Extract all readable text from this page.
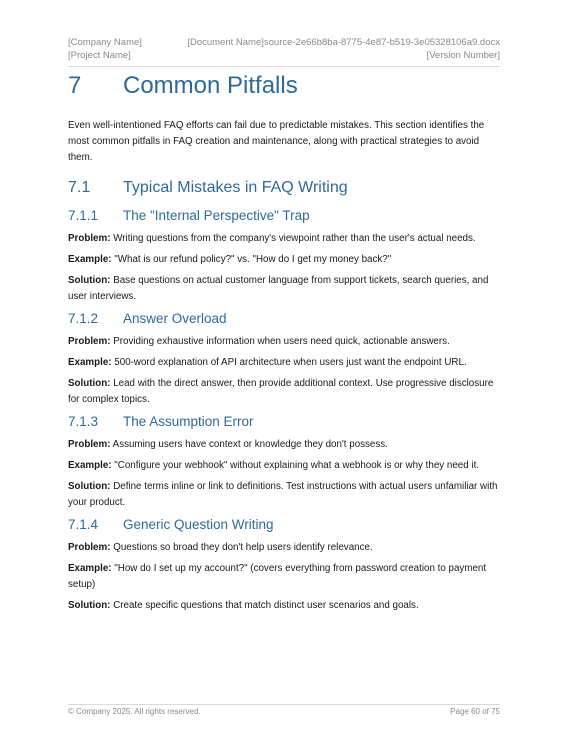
[Company Name]	[Document Name]source-2e66b8ba-8775-4e87-b519-3e05328106a9.docx
[Project Name]	[Version Number]
7	Common Pitfalls

Even well-intentioned FAQ efforts can fail due to predictable mistakes. This section identifies the most common pitfalls in FAQ creation and maintenance, along with practical strategies to avoid them.

7.1	Typical Mistakes in FAQ Writing
7.1.1	The "Internal Perspective" Trap

Problem: Writing questions from the company's viewpoint rather than the user's actual needs.

Example: "What is our refund policy?" vs. "How do I get my money back?"

Solution: Base questions on actual customer language from support tickets, search queries, and user interviews.

7.1.2	Answer Overload

Problem: Providing exhaustive information when users need quick, actionable answers.

Example: 500-word explanation of API architecture when users just want the endpoint URL.

Solution: Lead with the direct answer, then provide additional context. Use progressive disclosure for complex topics.

7.1.3	The Assumption Error

Problem: Assuming users have context or knowledge they don't possess.

Example: "Configure your webhook" without explaining what a webhook is or why they need it.

Solution: Define terms inline or link to definitions. Test instructions with actual users unfamiliar with your product.

7.1.4	Generic Question Writing

Problem: Questions so broad they don't help users identify relevance.

Example: "How do I set up my account?" (covers everything from password creation to payment setup)

Solution: Create specific questions that match distinct user scenarios and goals.

© Company 2025. All rights reserved.	Page 60 of 75
